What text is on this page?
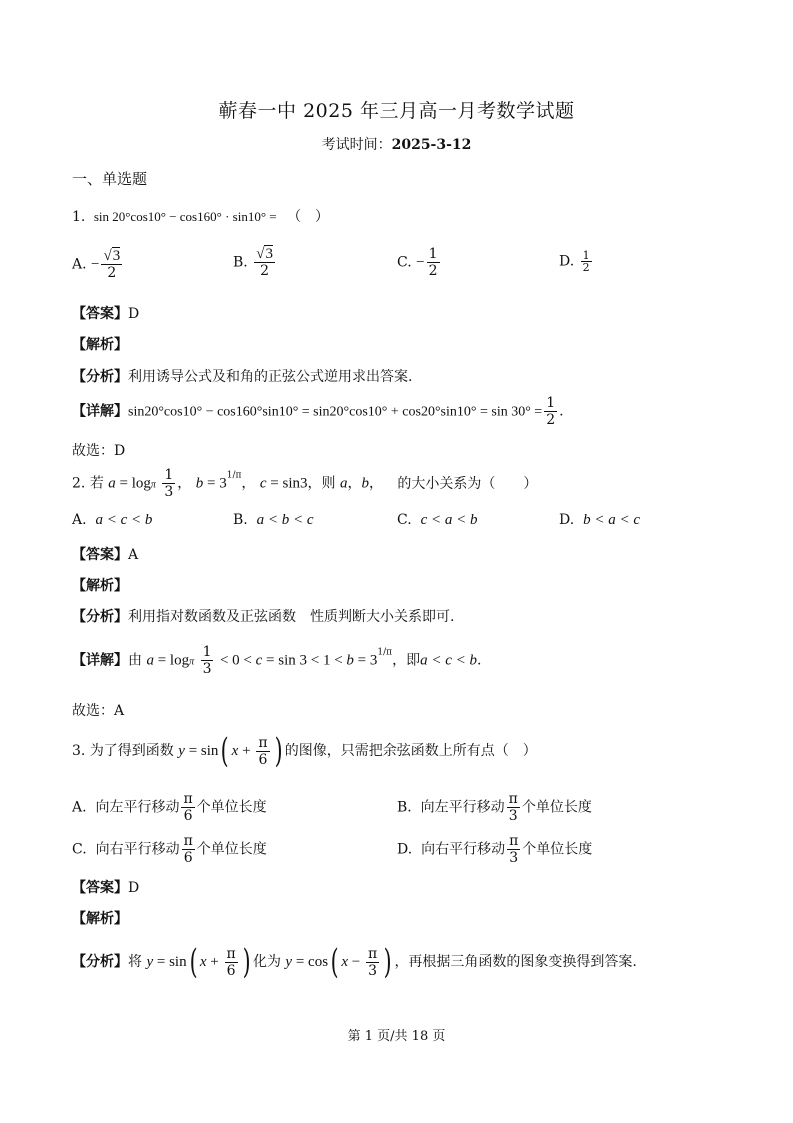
蕲春一中 2025 年三月高一月考数学试题
考试时间：2025-3-12
一、单选题
1. sin 20°cos10° − cos160° · sin10° = （　）
A. − $\frac{√3}{2}$	B. $\frac{√3}{2}$	C. − $\frac{1}{2}$	D. $\frac{1}{2}$
【答案】D
【解析】
【分析】利用诱导公式及和角的正弦公式逆用求出答案.
【详解】$\sin 20^\circ\cos 10^\circ - \cos 160^\circ\sin 10^\circ = \sin 20^\circ\cos 10^\circ + \cos 20^\circ\sin 10^\circ = \sin 30^\circ = \frac{1}{2}$ .
故选：D
2. 若 a = logπ $\frac{1}{3}$ ， $b = 3^{1/\pi}$， c = sin3，则 a，b， 的大小关系为（　　）
A.  a < c < b	B.  a < b < c	C.  c < a < b	D.  b < a < c
【答案】A
【解析】
【分析】利用指对数函数及正弦函数　性质判断大小关系即可.
【详解】由 a = logπ $\frac{1}{3} < 0 < c = \sin 3 < 1 < b = 3^{1/\pi}$，即a < c < b.
故选：A
3. 为了得到函数 y = sin( $x + \frac{\pi}{6}$ ) 的图像，只需把余弦函数上所有点（　）
A.  向左平行移动 $\frac{\pi}{6}$ 个单位长度	B.  向左平行移动 $\frac{\pi}{3}$ 个单位长度
C.  向右平行移动 $\frac{\pi}{6}$ 个单位长度	D.  向右平行移动 $\frac{\pi}{3}$ 个单位长度
【答案】D
【解析】
【分析】将 y = sin( $x + \frac{\pi}{6}$ ) 化为 y = cos( $x - \frac{\pi}{3}$ ) ，再根据三角函数的图象变换得到答案.
第 1 页/共 18 页
